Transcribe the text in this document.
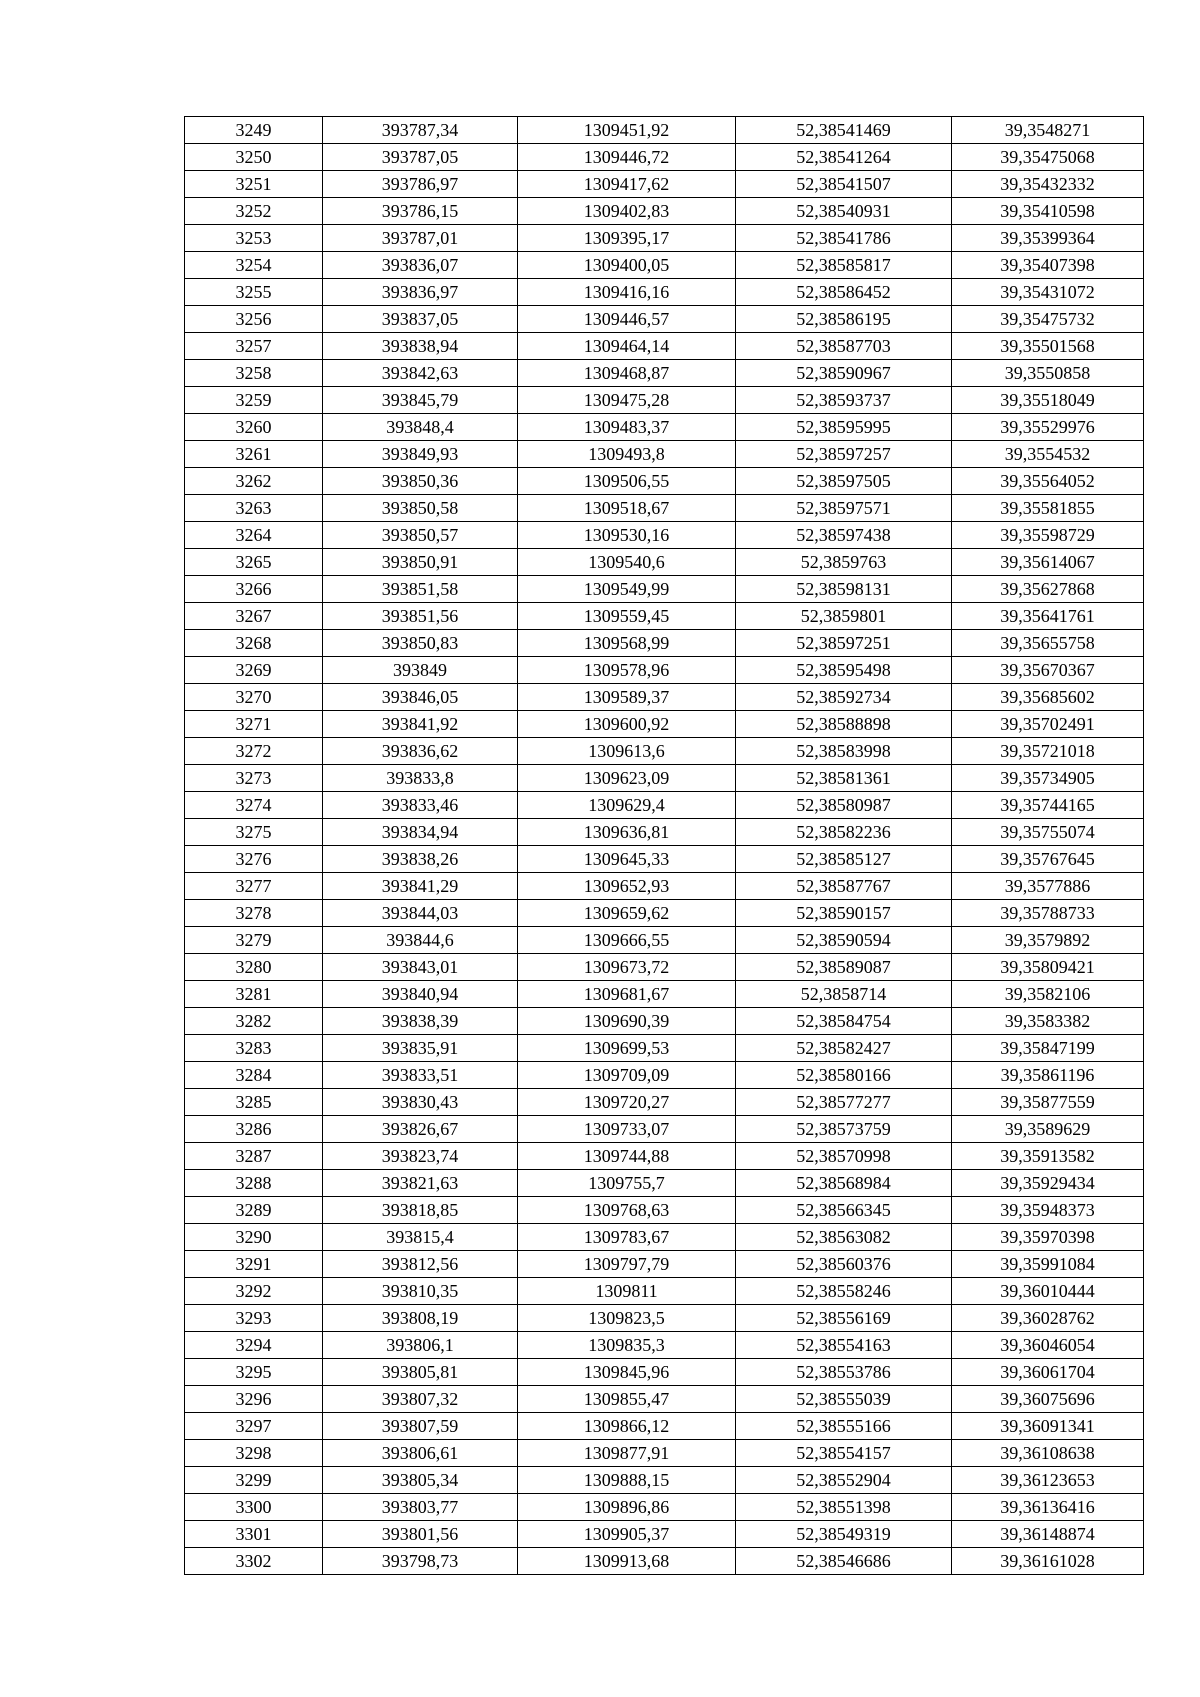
3249	393787,34	1309451,92	52,38541469	39,3548271
3250	393787,05	1309446,72	52,38541264	39,35475068
3251	393786,97	1309417,62	52,38541507	39,35432332
3252	393786,15	1309402,83	52,38540931	39,35410598
3253	393787,01	1309395,17	52,38541786	39,35399364
3254	393836,07	1309400,05	52,38585817	39,35407398
3255	393836,97	1309416,16	52,38586452	39,35431072
3256	393837,05	1309446,57	52,38586195	39,35475732
3257	393838,94	1309464,14	52,38587703	39,35501568
3258	393842,63	1309468,87	52,38590967	39,3550858
3259	393845,79	1309475,28	52,38593737	39,35518049
3260	393848,4	1309483,37	52,38595995	39,35529976
3261	393849,93	1309493,8	52,38597257	39,3554532
3262	393850,36	1309506,55	52,38597505	39,35564052
3263	393850,58	1309518,67	52,38597571	39,35581855
3264	393850,57	1309530,16	52,38597438	39,35598729
3265	393850,91	1309540,6	52,3859763	39,35614067
3266	393851,58	1309549,99	52,38598131	39,35627868
3267	393851,56	1309559,45	52,3859801	39,35641761
3268	393850,83	1309568,99	52,38597251	39,35655758
3269	393849	1309578,96	52,38595498	39,35670367
3270	393846,05	1309589,37	52,38592734	39,35685602
3271	393841,92	1309600,92	52,38588898	39,35702491
3272	393836,62	1309613,6	52,38583998	39,35721018
3273	393833,8	1309623,09	52,38581361	39,35734905
3274	393833,46	1309629,4	52,38580987	39,35744165
3275	393834,94	1309636,81	52,38582236	39,35755074
3276	393838,26	1309645,33	52,38585127	39,35767645
3277	393841,29	1309652,93	52,38587767	39,3577886
3278	393844,03	1309659,62	52,38590157	39,35788733
3279	393844,6	1309666,55	52,38590594	39,3579892
3280	393843,01	1309673,72	52,38589087	39,35809421
3281	393840,94	1309681,67	52,3858714	39,3582106
3282	393838,39	1309690,39	52,38584754	39,3583382
3283	393835,91	1309699,53	52,38582427	39,35847199
3284	393833,51	1309709,09	52,38580166	39,35861196
3285	393830,43	1309720,27	52,38577277	39,35877559
3286	393826,67	1309733,07	52,38573759	39,3589629
3287	393823,74	1309744,88	52,38570998	39,35913582
3288	393821,63	1309755,7	52,38568984	39,35929434
3289	393818,85	1309768,63	52,38566345	39,35948373
3290	393815,4	1309783,67	52,38563082	39,35970398
3291	393812,56	1309797,79	52,38560376	39,35991084
3292	393810,35	1309811	52,38558246	39,36010444
3293	393808,19	1309823,5	52,38556169	39,36028762
3294	393806,1	1309835,3	52,38554163	39,36046054
3295	393805,81	1309845,96	52,38553786	39,36061704
3296	393807,32	1309855,47	52,38555039	39,36075696
3297	393807,59	1309866,12	52,38555166	39,36091341
3298	393806,61	1309877,91	52,38554157	39,36108638
3299	393805,34	1309888,15	52,38552904	39,36123653
3300	393803,77	1309896,86	52,38551398	39,36136416
3301	393801,56	1309905,37	52,38549319	39,36148874
3302	393798,73	1309913,68	52,38546686	39,36161028
